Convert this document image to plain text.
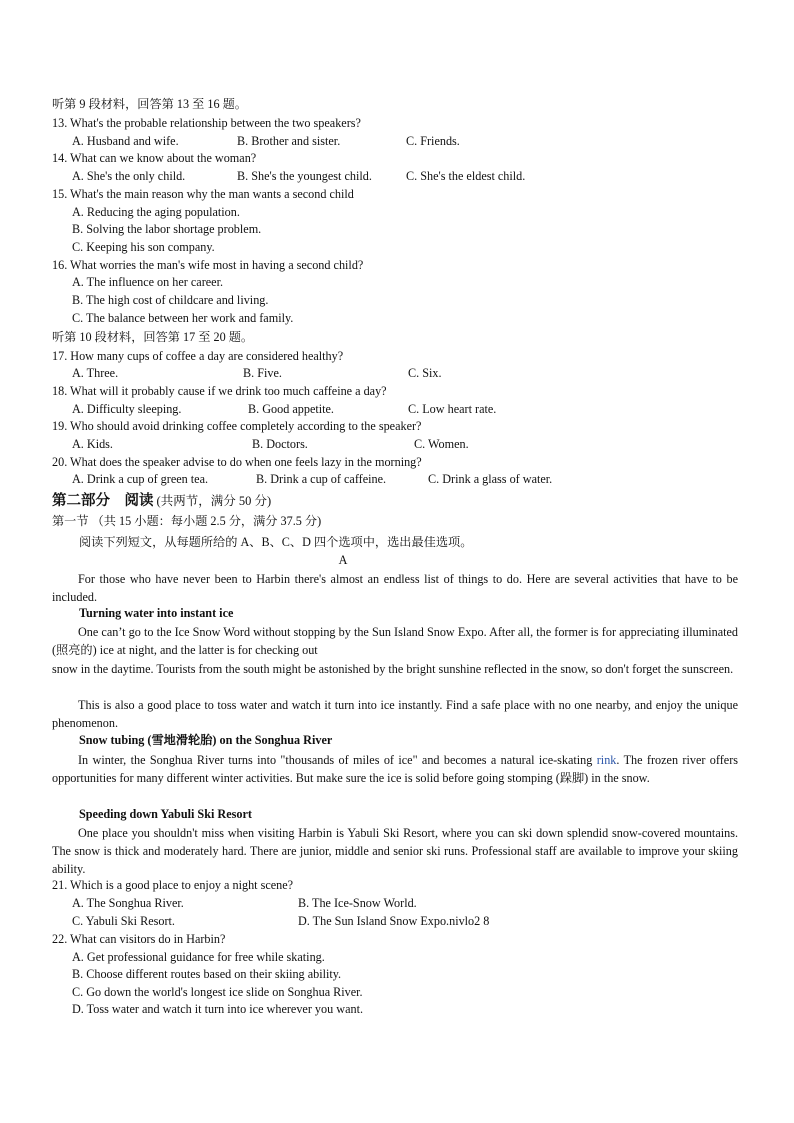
听第 9 段材料，回答第 13 至 16 题。
13. What's the probable relationship between the two speakers?
A. Husband and wife.	B. Brother and sister.	C. Friends.
14. What can we know about the woman?
A. She's the only child.	B. She's the youngest child.	C. She's the eldest child.
15. What's the main reason why the man wants a second child
A. Reducing the aging population.
B. Solving the labor shortage problem.
C. Keeping his son company.
16. What worries the man's wife most in having a second child?
A. The influence on her career.
B. The high cost of childcare and living.
C. The balance between her work and family.
听第 10 段材料，回答第 17 至 20 题。
17. How many cups of coffee a day are considered healthy?
A. Three.	B. Five.	C. Six.
18. What will it probably cause if we drink too much caffeine a day?
A. Difficulty sleeping.	B. Good appetite.	C. Low heart rate.
19. Who should avoid drinking coffee completely according to the speaker?
A. Kids.	B. Doctors.	C. Women.
20. What does the speaker advise to do when one feels lazy in the morning?
A. Drink a cup of green tea.	B. Drink a cup of caffeine.	C. Drink a glass of water.
第二部分　阅读 (共两节，满分 50 分)
第一节 （共 15 小题：每小题 2.5 分，满分 37.5 分)
阅读下列短文，从每题所给的 A、B、C、D 四个选项中，选出最佳选项。
A

For those who have never been to Harbin there's almost an endless list of things to do. Here are several activities that have to be included.

Turning water into instant ice

One can’t go to the Ice Snow Word without stopping by the Sun Island Snow Expo. After all, the former is for appreciating illuminated (照亮的) ice at night, and the latter is for checking out

snow in the daytime. Tourists from the south might be astonished by the bright sunshine reflected in the snow, so don't forget the sunscreen.

This is also a good place to toss water and watch it turn into ice instantly. Find a safe place with no one nearby, and enjoy the unique phenomenon.

Snow tubing (雪地滑轮胎) on the Songhua River

In winter, the Songhua River turns into "thousands of miles of ice" and becomes a natural ice-skating rink. The frozen river offers opportunities for many different winter activities. But make sure the ice is solid before going stomping (跺脚) in the snow.

Speeding down Yabuli Ski Resort

One place you shouldn't miss when visiting Harbin is Yabuli Ski Resort, where you can ski down splendid snow-covered mountains. The snow is thick and moderately hard. There are junior, middle and senior ski runs. Professional staff are available to improve your skiing ability.

21. Which is a good place to enjoy a night scene?
A. The Songhua River.	B. The Ice-Snow World.
C. Yabuli Ski Resort.	D. The Sun Island Snow Expo.nivlo2 8
22. What can visitors do in Harbin?
A. Get professional guidance for free while skating.
B. Choose different routes based on their skiing ability.
C. Go down the world's longest ice slide on Songhua River.
D. Toss water and watch it turn into ice wherever you want.
